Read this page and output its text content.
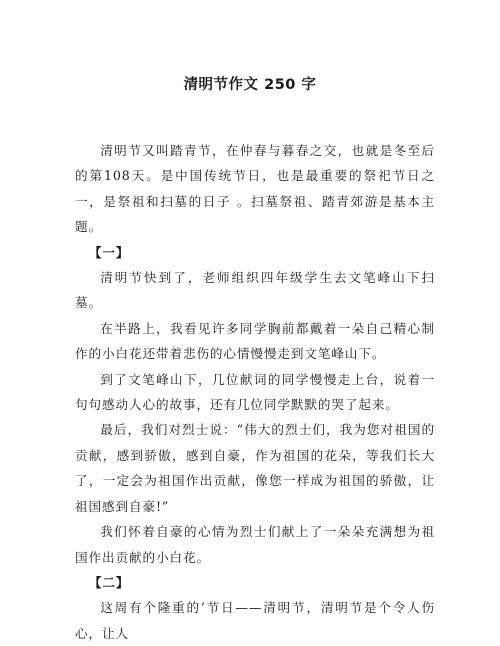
清明节作文 250 字

清明节又叫踏青节，在仲春与暮春之交，也就是冬至后的第108天。是中国传统节日，也是最重要的祭祀节日之一，是祭祖和扫墓的日子 。扫墓祭祖、踏青郊游是基本主题。

【一】

清明节快到了，老师组织四年级学生去文笔峰山下扫墓。

在半路上，我看见许多同学胸前都戴着一朵自己精心制作的小白花还带着悲伤的心情慢慢走到文笔峰山下。

到了文笔峰山下，几位献词的同学慢慢走上台，说着一句句感动人心的故事，还有几位同学默默的哭了起来。

最后，我们对烈士说：“伟大的烈士们，我为您对祖国的贡献，感到骄傲，感到自豪，作为祖国的花朵，等我们长大了，一定会为祖国作出贡献，像您一样成为祖国的骄傲，让祖国感到自豪!”

我们怀着自豪的心情为烈士们献上了一朵朵充满想为祖国作出贡献的小白花。

【二】

这周有个隆重的’节日——清明节，清明节是个令人伤心，让人
